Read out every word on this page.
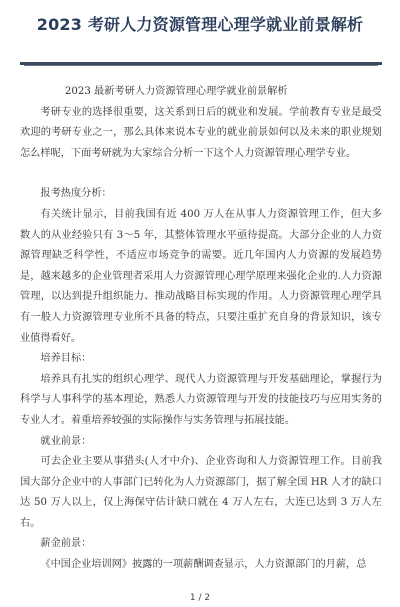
2023 考研人力资源管理心理学就业前景解析

2023 最新考研人力资源管理心理学就业前景解析

考研专业的选择很重要，这关系到日后的就业和发展。学前教育专业是最受欢迎的考研专业之一，那么具体来说本专业的就业前景如何以及未来的职业规划怎么样呢，下面考研就为大家综合分析一下这个人力资源管理心理学专业。

报考热度分析：

有关统计显示，目前我国有近 400 万人在从事人力资源管理工作，但大多数人的从业经验只有 3～5 年，其整体管理水平亟待提高。大部分企业的人力资源管理缺乏科学性，不适应市场竞争的需要。近几年国内人力资源的发展趋势是，越来越多的企业管理者采用人力资源管理心理学原理来强化企业的.人力资源管理，以达到提升组织能力、推动战略目标实现的作用。人力资源管理心理学具有一般人力资源管理专业所不具备的特点，只要注重扩充自身的背景知识，该专业值得看好。

培养目标：

培养具有扎实的组织心理学、现代人力资源管理与开发基础理论，掌握行为科学与人事科学的基本理论，熟悉人力资源管理与开发的技能技巧与应用实务的专业人才。着重培养较强的实际操作与实务管理与拓展技能。

就业前景：

可去企业主要从事猎头(人才中介)、企业咨询和人力资源管理工作。目前我国大部分企业中的人事部门已转化为人力资源部门，据了解全国 HR 人才的缺口达 50 万人以上，仅上海保守估计缺口就在 4 万人左右，大连已达到 3 万人左右。

薪金前景：

《中国企业培训网》披露的一项薪酬调查显示，人力资源部门的月薪，总

1 / 2
